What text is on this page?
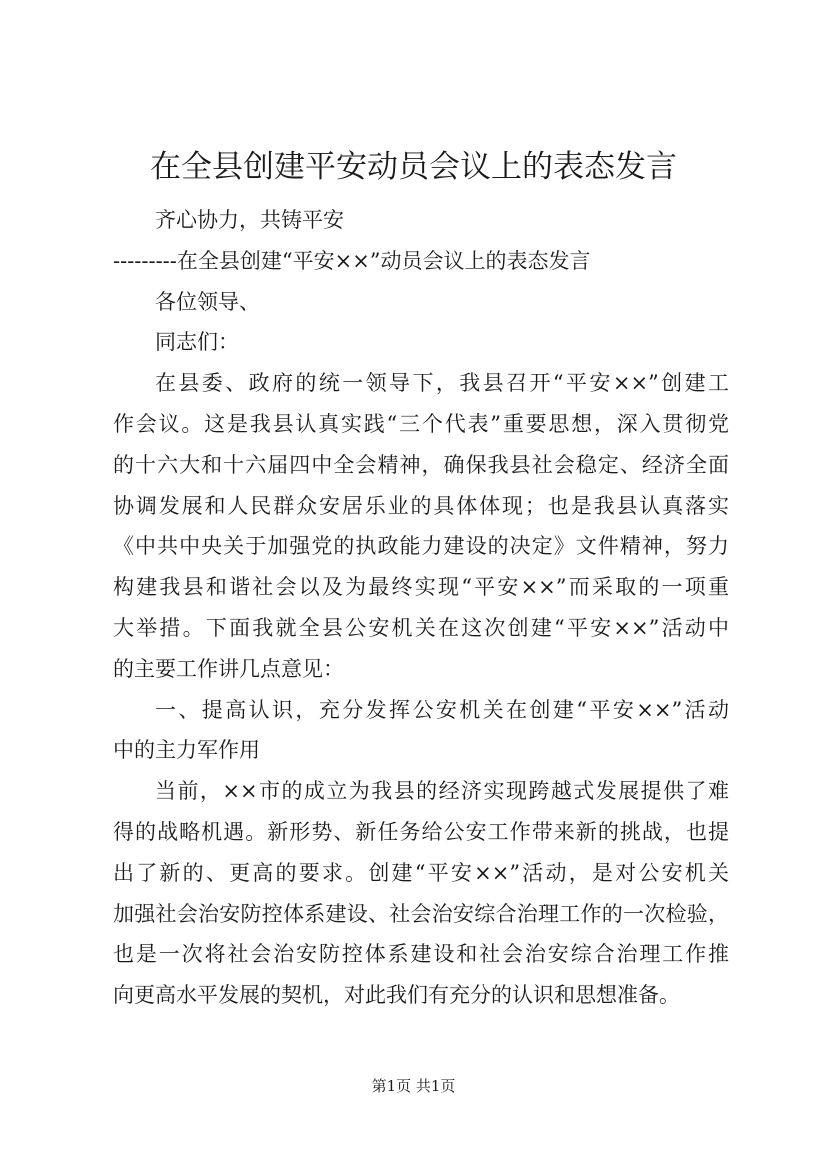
在全县创建平安动员会议上的表态发言

齐心协力，共铸平安

---------在全县创建“平安××”动员会议上的表态发言

各位领导、

同志们：

在县委、政府的统一领导下，我县召开“平安××”创建工

作会议。这是我县认真实践“三个代表”重要思想，深入贯彻党

的十六大和十六届四中全会精神，确保我县社会稳定、经济全面

协调发展和人民群众安居乐业的具体体现；也是我县认真落实

《中共中央关于加强党的执政能力建设的决定》文件精神，努力

构建我县和谐社会以及为最终实现“平安××”而采取的一项重

大举措。下面我就全县公安机关在这次创建“平安××”活动中

的主要工作讲几点意见：

一、提高认识，充分发挥公安机关在创建“平安××”活动

中的主力军作用

当前，××市的成立为我县的经济实现跨越式发展提供了难

得的战略机遇。新形势、新任务给公安工作带来新的挑战，也提

出了新的、更高的要求。创建“平安××”活动，是对公安机关

加强社会治安防控体系建设、社会治安综合治理工作的一次检验，

也是一次将社会治安防控体系建设和社会治安综合治理工作推

向更高水平发展的契机，对此我们有充分的认识和思想准备。

第1页 共1页
